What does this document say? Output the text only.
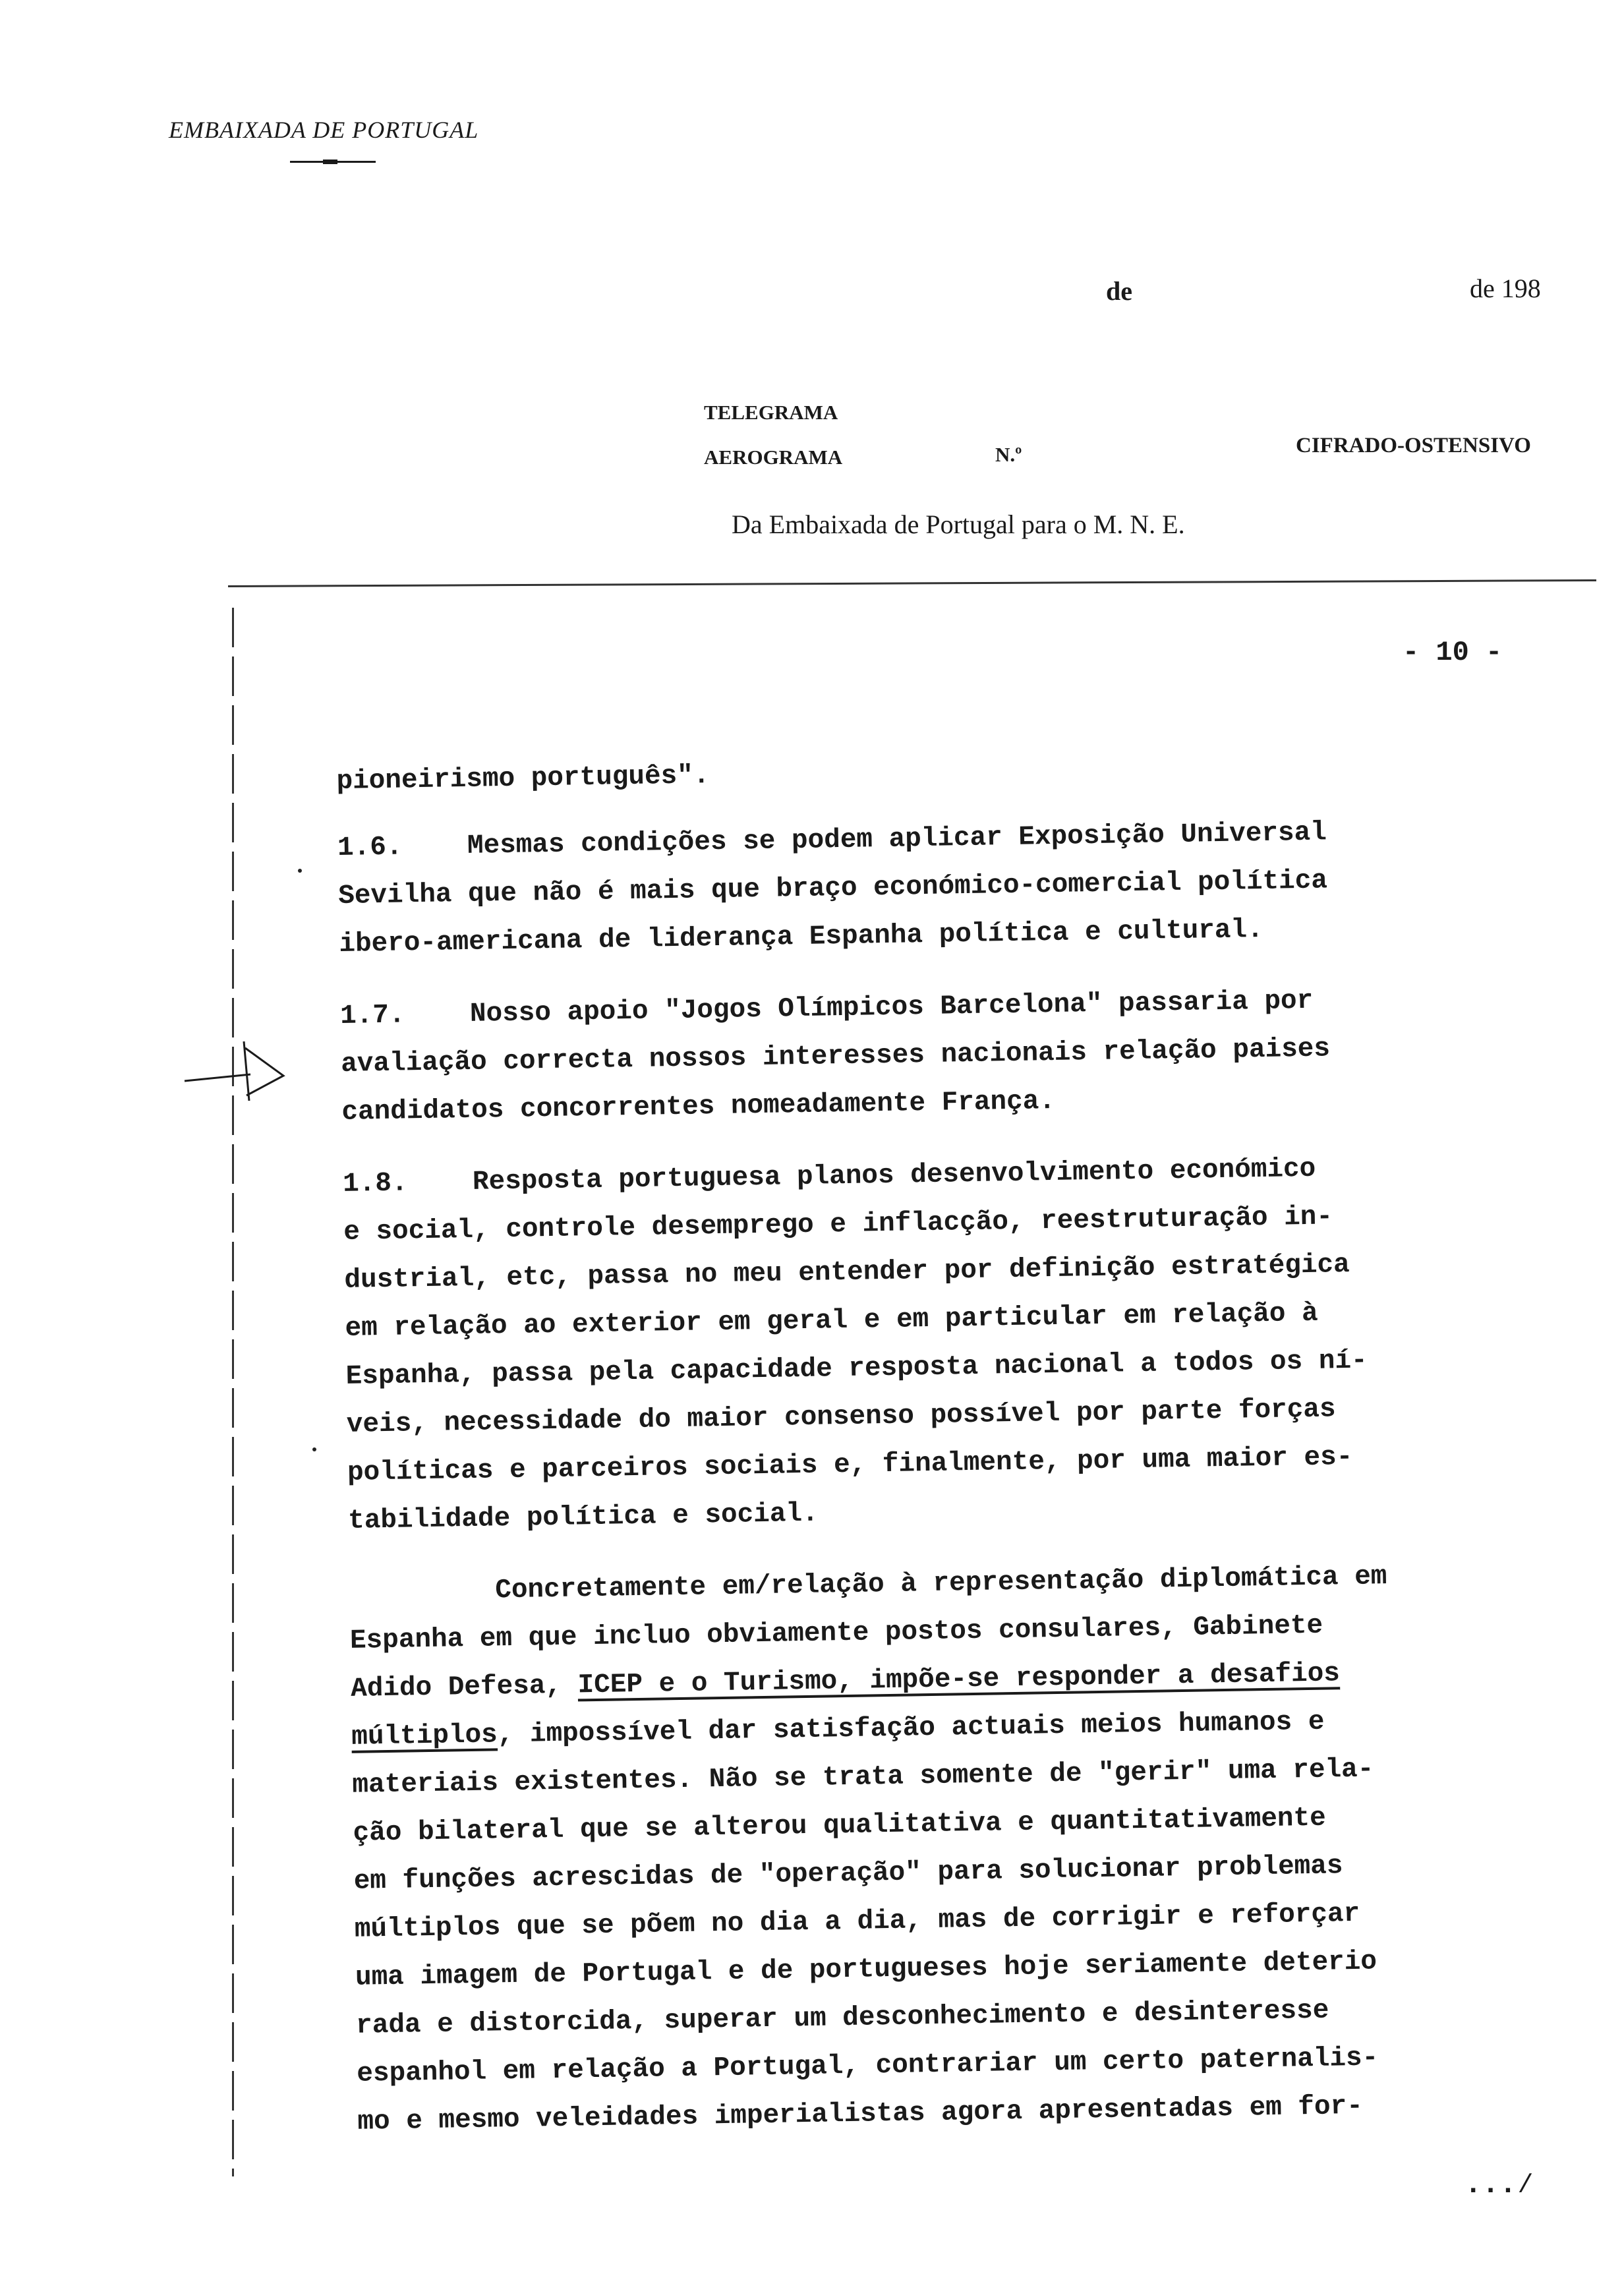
EMBAIXADA DE PORTUGAL
de	de 198
TELEGRAMA
AEROGRAMA	N.º	CIFRADO-OSTENSIVO
Da Embaixada de Portugal para o M. N. E.
- 10 -

pioneirismo português".

1.6.    Mesmas condições se podem aplicar Exposição Universal

Sevilha que não é mais que braço económico-comercial política

ibero-americana de liderança Espanha política e cultural.

1.7.    Nosso apoio "Jogos Olímpicos Barcelona" passaria por

avaliação correcta nossos interesses nacionais relação paises

candidatos concorrentes nomeadamente França.

1.8.    Resposta portuguesa planos desenvolvimento económico

e social, controle desemprego e inflacção, reestruturação in-

dustrial, etc, passa no meu entender por definição estratégica

em relação ao exterior em geral e em particular em relação à

Espanha, passa pela capacidade resposta nacional a todos os ní-

veis, necessidade do maior consenso possível por parte forças

políticas e parceiros sociais e, finalmente, por uma maior es-

tabilidade política e social.

Concretamente em/relação à representação diplomática em

Espanha em que incluo obviamente postos consulares, Gabinete

Adido Defesa, ICEP e o Turismo, impõe-se responder a desafios

múltiplos, impossível dar satisfação actuais meios humanos e

materiais existentes. Não se trata somente de "gerir" uma rela-

ção bilateral que se alterou qualitativa e quantitativamente

em funções acrescidas de "operação" para solucionar problemas

múltiplos que se põem no dia a dia, mas de corrigir e reforçar

uma imagem de Portugal e de portugueses hoje seriamente deterio

rada e distorcida, superar um desconhecimento e desinteresse

espanhol em relação a Portugal, contrariar um certo paternalis-

mo e mesmo veleidades imperialistas agora apresentadas em for-

...⁄
